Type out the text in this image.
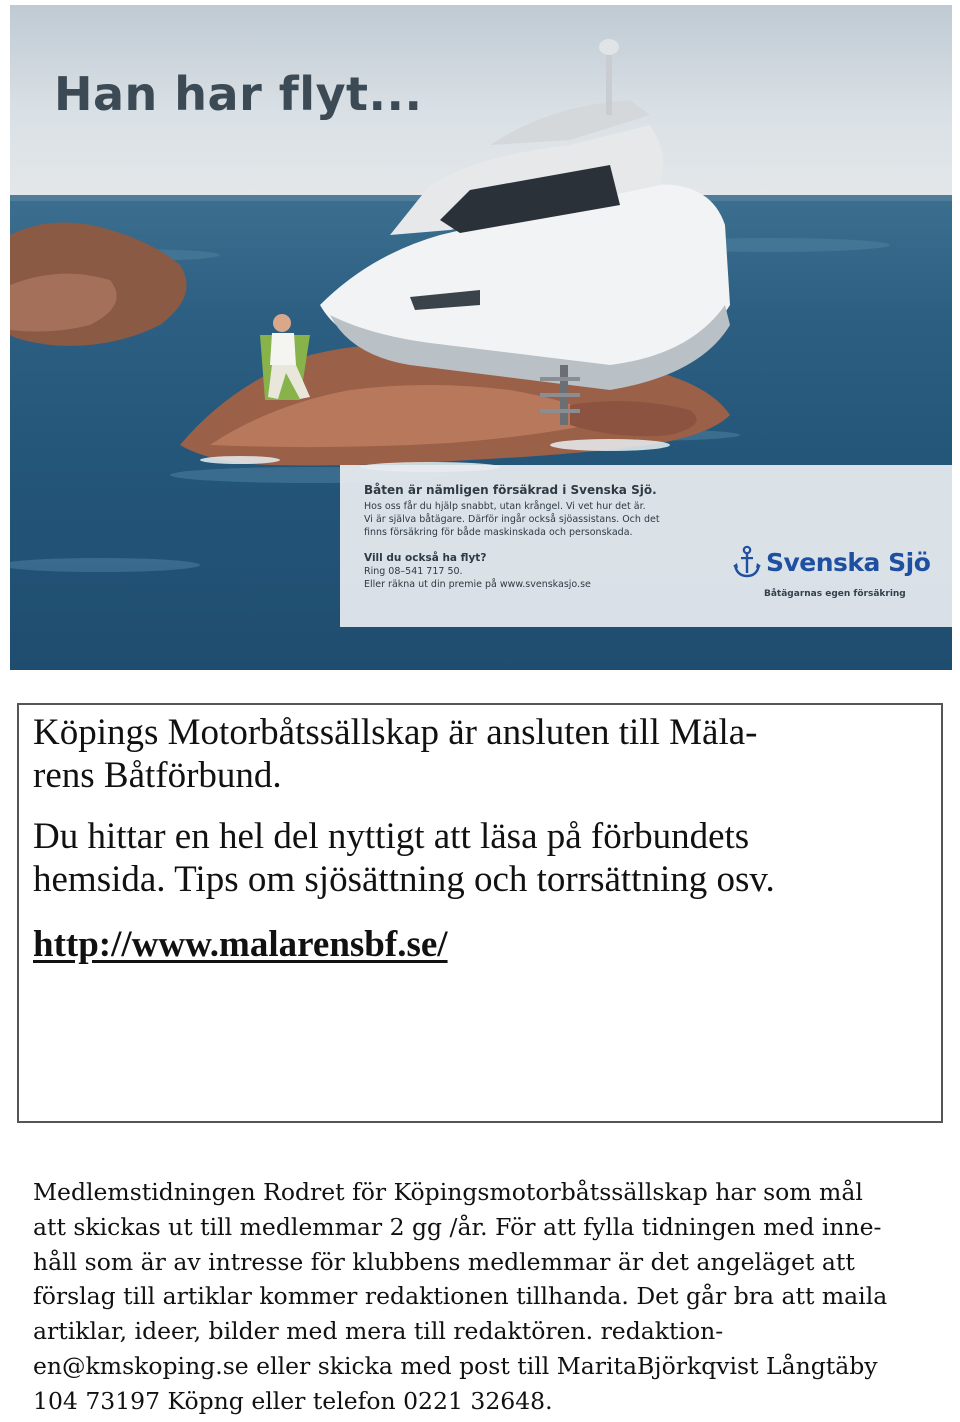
Han har flyt...
Båten är nämligen försäkrad i Svenska Sjö.
Hos oss får du hjälp snabbt, utan krångel. Vi vet hur det är.
Vi är själva båtägare. Därför ingår också sjöassistans. Och det
finns försäkring för både maskinskada och personskada.
Vill du också ha flyt?
Ring 08–541 717 50.
Eller räkna ut din premie på www.svenskasjo.se
Svenska Sjö
Båtägarnas egen försäkring

Köpings Motorbåtssällskap är ansluten till Mäla-
rens Båtförbund.

Du hittar en hel del nyttigt att läsa på förbundets
hemsida. Tips om sjösättning och torrsättning osv.

http://www.malarensbf.se/
Medlemstidningen Rodret för Köpingsmotorbåtssällskap har som mål
att skickas ut till medlemmar 2 gg /år. För att fylla tidningen med inne-
håll som är av intresse för klubbens medlemmar är det angeläget att
förslag till artiklar kommer redaktionen tillhanda. Det går bra att maila
artiklar, ideer, bilder med mera till redaktören. redaktion-
en@kmskoping.se eller skicka med post till MaritaBjörkqvist Långtäby
104 73197 Köpng eller telefon 0221 32648.
